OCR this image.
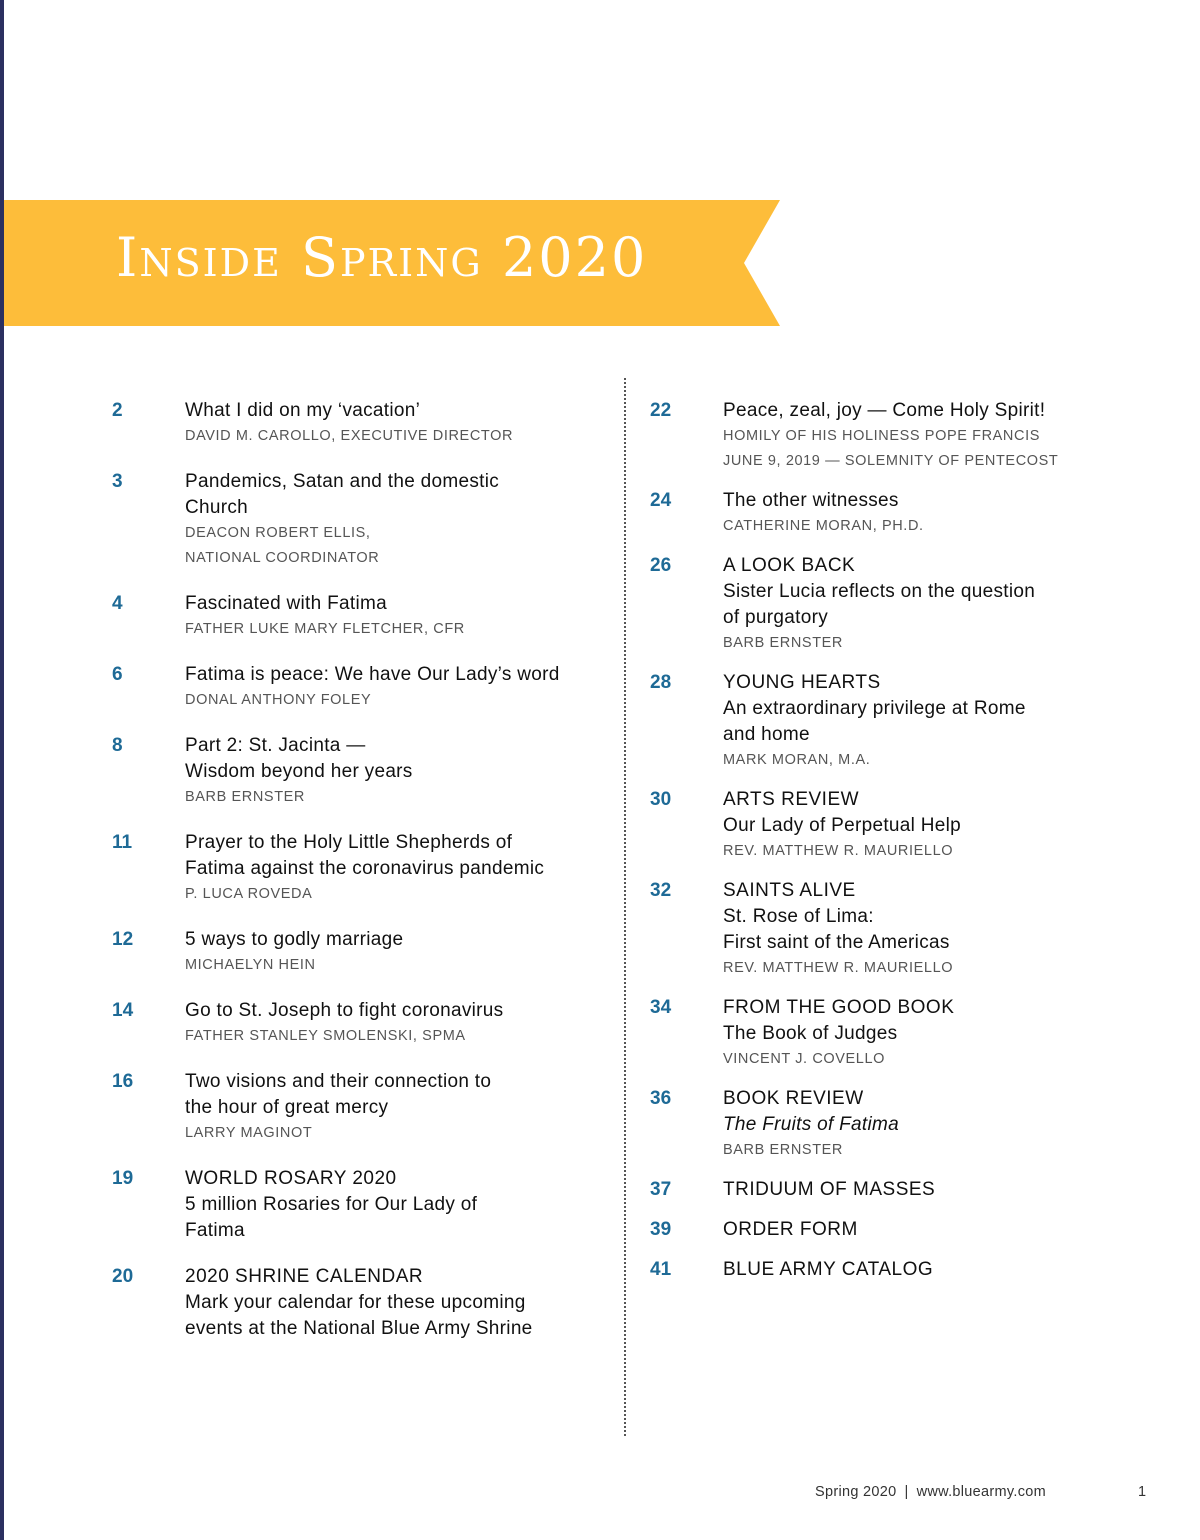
Inside Spring 2020
2	What I did on my ‘vacation’
DAVID M. CAROLLO, EXECUTIVE DIRECTOR
3	Pandemics, Satan and the domestic
Church
DEACON ROBERT ELLIS,
NATIONAL COORDINATOR
4	Fascinated with Fatima
FATHER LUKE MARY FLETCHER, CFR
6	Fatima is peace: We have Our Lady’s word
DONAL ANTHONY FOLEY
8	Part 2: St. Jacinta —
Wisdom beyond her years
BARB ERNSTER
11	Prayer to the Holy Little Shepherds of
Fatima against the coronavirus pandemic
P. LUCA ROVEDA
12	5 ways to godly marriage
MICHAELYN HEIN
14	Go to St. Joseph to fight coronavirus
FATHER STANLEY SMOLENSKI, SPMA
16	Two visions and their connection to
the hour of great mercy
LARRY MAGINOT
19	WORLD ROSARY 2020
5 million Rosaries for Our Lady of
Fatima
20	2020 SHRINE CALENDAR
Mark your calendar for these upcoming
events at the National Blue Army Shrine
22	Peace, zeal, joy — Come Holy Spirit!
HOMILY OF HIS HOLINESS POPE FRANCIS
JUNE 9, 2019 — SOLEMNITY OF PENTECOST
24	The other witnesses
CATHERINE MORAN, PH.D.
26	A LOOK BACK
Sister Lucia reflects on the question
of purgatory
BARB ERNSTER
28	YOUNG HEARTS
An extraordinary privilege at Rome
and home
MARK MORAN, M.A.
30	ARTS REVIEW
Our Lady of Perpetual Help
REV. MATTHEW R. MAURIELLO
32	SAINTS ALIVE
St. Rose of Lima:
First saint of the Americas
REV. MATTHEW R. MAURIELLO
34	FROM THE GOOD BOOK
The Book of Judges
VINCENT J. COVELLO
36	BOOK REVIEW
The Fruits of Fatima
BARB ERNSTER
37	TRIDUUM OF MASSES
39	ORDER FORM
41	BLUE ARMY CATALOG
Spring 2020 | www.bluearmy.com	1
